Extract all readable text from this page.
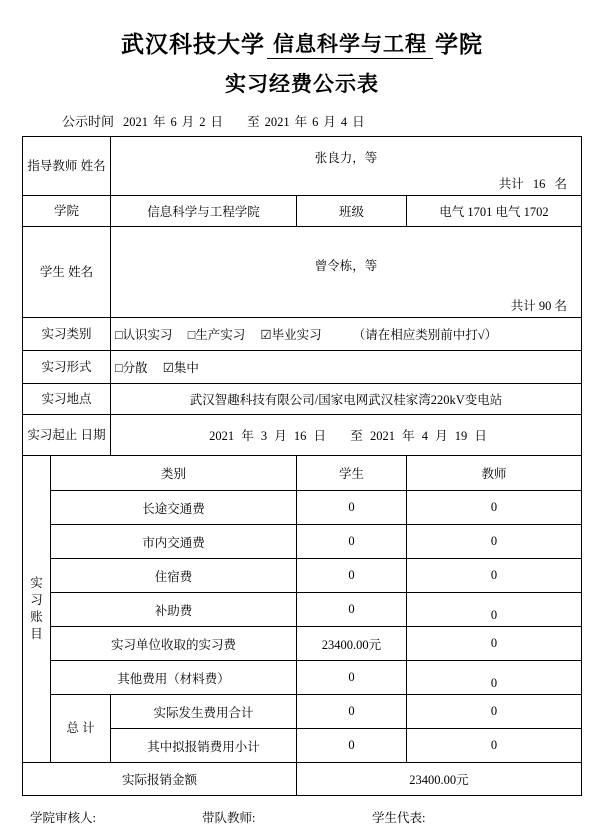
武汉科技大学 信息科学与工程 学院
实习经费公示表
公示时间 2021 年 6 月 2 日 至 2021 年 6 月 4 日
指导教师 姓名		张良力，等
共计 16 名		

学院		信息科学与工程学院	班级	电气 1701 电气 1702
学生 姓名		曾令栋，等
共计 90 名		

实习类别		□认识实习 □生产实习 ☑毕业实习 （请在相应类别前中打√）		
实习形式		□分散 ☑集中		
实习地点		武汉智趣科技有限公司/国家电网武汉桂家湾220kV变电站		
实习起止 日期		2021 年 3 月 16 日 至 2021 年 4 月 19 日		

实
习
账
目	类别		学生	教师
	长途交通费		0	0
	市内交通费		0	0
	住宿费		0	0
	补助费		0	0
	实习单位收取的实习费		23400.00元	0
	其他费用（材料费）		0	0
	总 计	实际发生费用合计	0	0
		其中拟报销费用小计	0	0
实际报销金额			23400.00元	
学院审核人:	带队教师:	学生代表:
